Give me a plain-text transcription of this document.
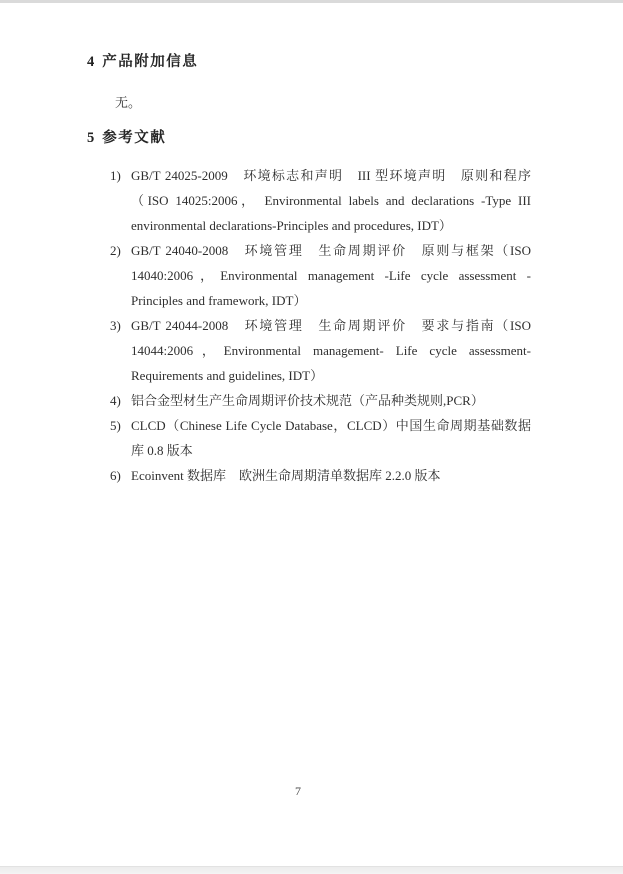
4 产品附加信息
无。
5 参考文献
1) GB/T 24025-2009　环境标志和声明　III 型环境声明　原则和程序（ISO 14025:2006， Environmental labels and declarations -Type III environmental declarations-Principles and procedures, IDT）
2) GB/T 24040-2008　环境管理　生命周期评价　原则与框架（ISO 14040:2006，Environmental management -Life cycle assessment - Principles and framework, IDT）
3) GB/T 24044-2008　环境管理　生命周期评价　要求与指南（ISO 14044:2006，Environmental management- Life cycle assessment- Requirements and guidelines, IDT）
4) 铝合金型材生产生命周期评价技术规范（产品种类规则,PCR）
5) CLCD（Chinese Life Cycle Database，CLCD）中国生命周期基础数据库 0.8 版本
6) Ecoinvent 数据库　欧洲生命周期清单数据库 2.2.0 版本
7
